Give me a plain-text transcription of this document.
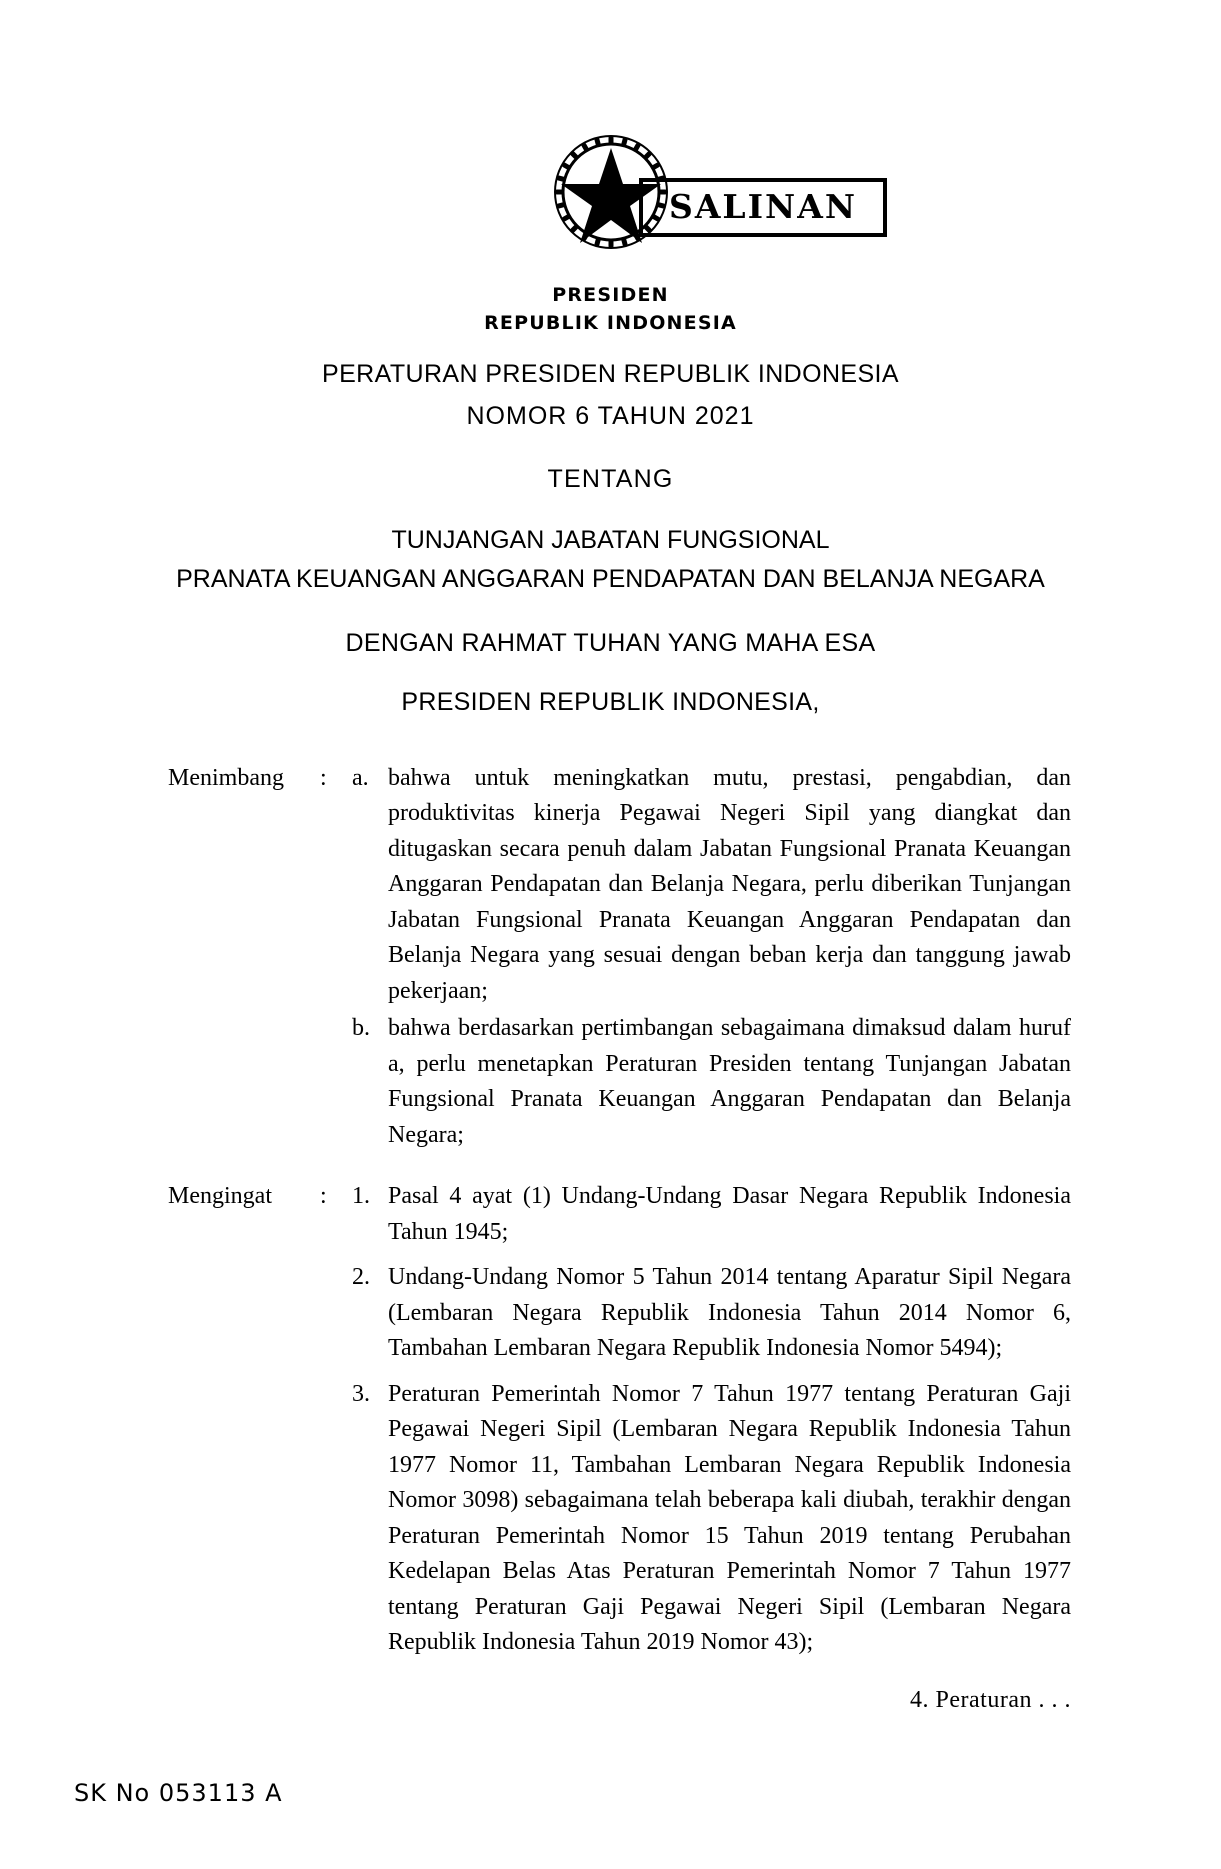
SALINAN
PRESIDEN
REPUBLIK INDONESIA
PERATURAN PRESIDEN REPUBLIK INDONESIA
NOMOR 6 TAHUN 2021
TENTANG
TUNJANGAN JABATAN FUNGSIONAL
PRANATA KEUANGAN ANGGARAN PENDAPATAN DAN BELANJA NEGARA
DENGAN RAHMAT TUHAN YANG MAHA ESA
PRESIDEN REPUBLIK INDONESIA,
Menimbang	:	a. bahwa untuk meningkatkan mutu, prestasi, pengabdian, dan produktivitas kinerja Pegawai Negeri Sipil yang diangkat dan ditugaskan secara penuh dalam Jabatan Fungsional Pranata Keuangan Anggaran Pendapatan dan Belanja Negara, perlu diberikan Tunjangan Jabatan Fungsional Pranata Keuangan Anggaran Pendapatan dan Belanja Negara yang sesuai dengan beban kerja dan tanggung jawab pekerjaan;
b. bahwa berdasarkan pertimbangan sebagaimana dimaksud dalam huruf a, perlu menetapkan Peraturan Presiden tentang Tunjangan Jabatan Fungsional Pranata Keuangan Anggaran Pendapatan dan Belanja Negara;
Mengingat	:	1. Pasal 4 ayat (1) Undang-Undang Dasar Negara Republik Indonesia Tahun 1945;
2. Undang-Undang Nomor 5 Tahun 2014 tentang Aparatur Sipil Negara (Lembaran Negara Republik Indonesia Tahun 2014 Nomor 6, Tambahan Lembaran Negara Republik Indonesia Nomor 5494);
3. Peraturan Pemerintah Nomor 7 Tahun 1977 tentang Peraturan Gaji Pegawai Negeri Sipil (Lembaran Negara Republik Indonesia Tahun 1977 Nomor 11, Tambahan Lembaran Negara Republik Indonesia Nomor 3098) sebagaimana telah beberapa kali diubah, terakhir dengan Peraturan Pemerintah Nomor 15 Tahun 2019 tentang Perubahan Kedelapan Belas Atas Peraturan Pemerintah Nomor 7 Tahun 1977 tentang Peraturan Gaji Pegawai Negeri Sipil (Lembaran Negara Republik Indonesia Tahun 2019 Nomor 43);
4. Peraturan . . .
SK No 053113 A
